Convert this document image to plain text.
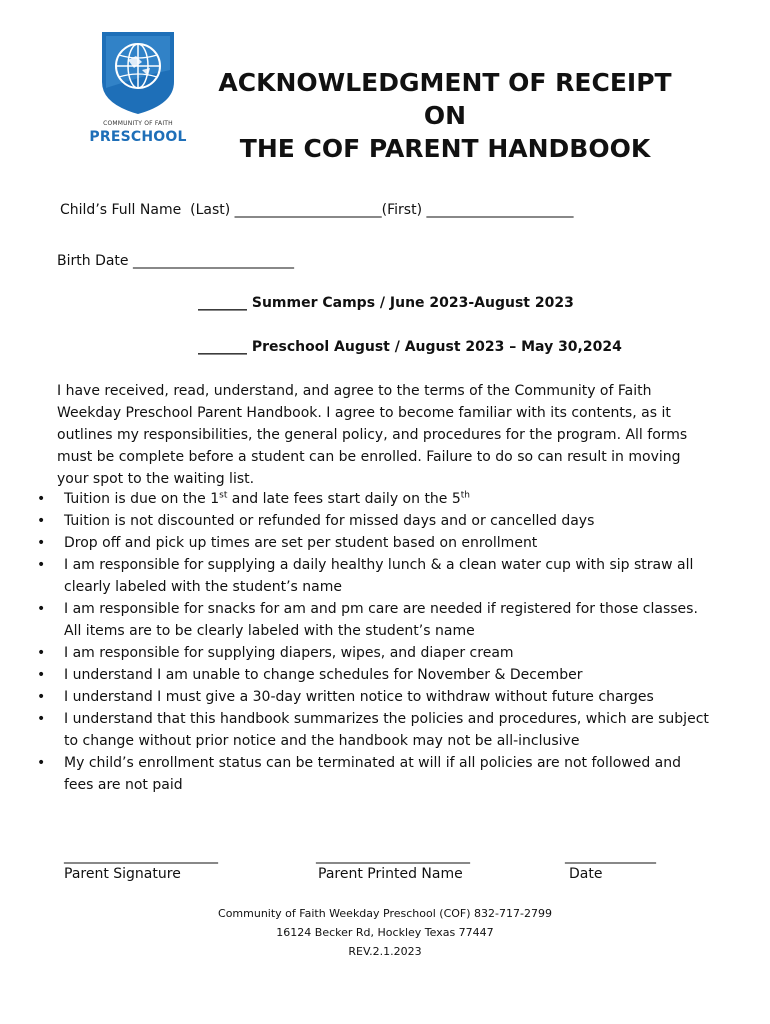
COMMUNITY OF FAITH
PRESCHOOL
ACKNOWLEDGMENT OF RECEIPT ON
THE COF PARENT HANDBOOK
Child’s Full Name  (Last) _____________________(First) _____________________
Birth Date _______________________
_______ Summer Camps / June 2023-August 2023
_______ Preschool August / August 2023 – May 30,2024
I have received, read, understand, and agree to the terms of the Community of Faith Weekday Preschool Parent Handbook. I agree to become familiar with its contents, as it outlines my responsibilities, the general policy, and procedures for the program. All forms must be complete before a student can be enrolled. Failure to do so can result in moving your spot to the waiting list.
• Tuition is due on the 1st and late fees start daily on the 5th
• Tuition is not discounted or refunded for missed days and or cancelled days
• Drop off and pick up times are set per student based on enrollment
• I am responsible for supplying a daily healthy lunch & a clean water cup with sip straw all clearly labeled with the student’s name
• I am responsible for snacks for am and pm care are needed if registered for those classes. All items are to be clearly labeled with the student’s name
• I am responsible for supplying diapers, wipes, and diaper cream
• I understand I am unable to change schedules for November & December
• I understand I must give a 30-day written notice to withdraw without future charges
• I understand that this handbook summarizes the policies and procedures, which are subject to change without prior notice and the handbook may not be all-inclusive
• My child’s enrollment status can be terminated at will if all policies are not followed and fees are not paid
______________________
Parent Signature
______________________
Parent Printed Name
_____________
Date
Community of Faith Weekday Preschool (COF) 832-717-2799
16124 Becker Rd, Hockley Texas 77447
REV.2.1.2023
